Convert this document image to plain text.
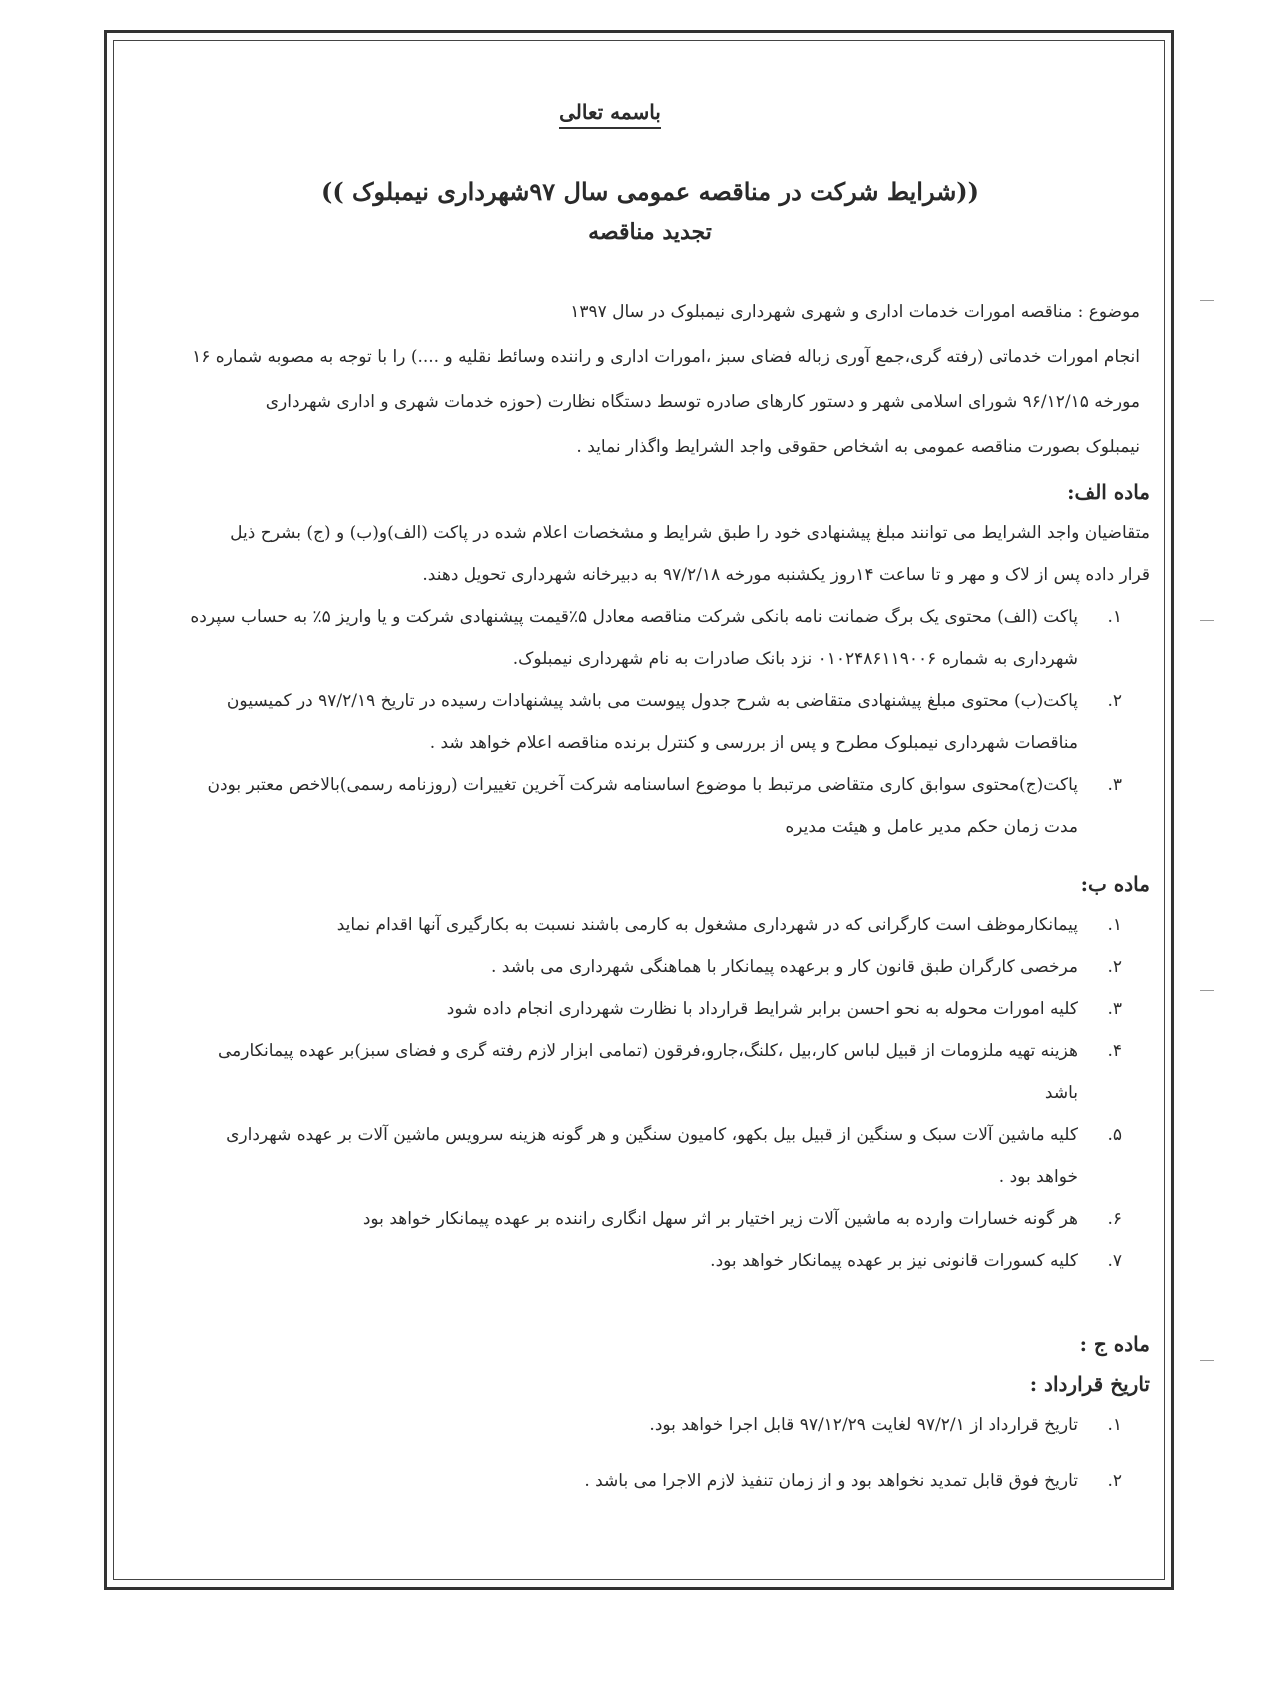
باسمه تعالی
((شرایط شرکت در مناقصه عمومی سال ۹۷شهرداری نیمبلوک ))
تجدید مناقصه

موضوع : مناقصه امورات خدمات اداری و شهری شهرداری نیمبلوک در سال ۱۳۹۷

انجام امورات خدماتی (رفته گری،جمع آوری زباله فضای سبز ،امورات اداری و راننده وسائط نقلیه و ....) را با توجه به مصوبه شماره ۱۶

مورخه ۹۶/۱۲/۱۵ شورای اسلامی شهر و دستور کارهای صادره توسط دستگاه نظارت (حوزه خدمات شهری و اداری شهرداری

نیمبلوک بصورت مناقصه عمومی به اشخاص حقوقی واجد الشرایط واگذار نماید .

ماده الف:

متقاضیان واجد الشرایط می توانند مبلغ پیشنهادی خود را طبق شرایط و مشخصات اعلام شده در پاکت (الف)و(ب) و (ج) بشرح ذیل

قرار داده پس از لاک و مهر و تا ساعت ۱۴روز یکشنبه مورخه ۹۷/۲/۱۸ به دبیرخانه شهرداری تحویل دهند.

.۱
پاکت (الف) محتوی یک برگ ضمانت نامه بانکی شرکت مناقصه معادل ۵٪قیمت پیشنهادی شرکت و یا واریز ۵٪ به حساب سپرده شهرداری به شماره ۰۱۰۲۴۸۶۱۱۹۰۰۶ نزد بانک صادرات به نام شهرداری نیمبلوک.
.۲
پاکت(ب) محتوی مبلغ پیشنهادی متقاضی به شرح جدول پیوست می باشد پیشنهادات رسیده در تاریخ ۹۷/۲/۱۹ در کمیسیون مناقصات شهرداری نیمبلوک مطرح و پس از بررسی و کنترل برنده مناقصه اعلام خواهد شد .
.۳
پاکت(ج)محتوی سوابق کاری متقاضی مرتبط با موضوع اساسنامه شرکت آخرین تغییرات (روزنامه رسمی)بالاخص معتبر بودن مدت زمان حکم مدیر عامل و هیئت مدیره
ماده ب:
.۱
پیمانکارموظف است کارگرانی که در شهرداری مشغول به کارمی باشند نسبت به بکارگیری آنها اقدام نماید
.۲
مرخصی کارگران طبق قانون کار و برعهده پیمانکار با هماهنگی شهرداری می باشد .
.۳
کلیه امورات محوله به نحو احسن برابر شرایط قرارداد با نظارت شهرداری انجام داده شود
.۴
هزینه تهیه ملزومات از قبیل لباس کار،بیل ،کلنگ،جارو،فرقون (تمامی ابزار لازم رفته گری و فضای سبز)بر عهده پیمانکارمی باشد
.۵
کلیه ماشین آلات سبک و سنگین از قبیل بیل بکهو، کامیون سنگین و هر گونه هزینه سرویس ماشین آلات بر عهده شهرداری خواهد بود .
.۶
هر گونه خسارات وارده به ماشین آلات زیر اختیار بر اثر سهل انگاری راننده بر عهده پیمانکار خواهد بود
.۷
کلیه کسورات قانونی نیز بر عهده پیمانکار خواهد بود.
ماده ج :
تاریخ قرارداد :
.۱
تاریخ قرارداد از ۹۷/۲/۱ لغایت ۹۷/۱۲/۲۹ قابل اجرا خواهد بود.
.۲
تاریخ فوق قابل تمدید نخواهد بود و از زمان تنفیذ لازم الاجرا می باشد .
